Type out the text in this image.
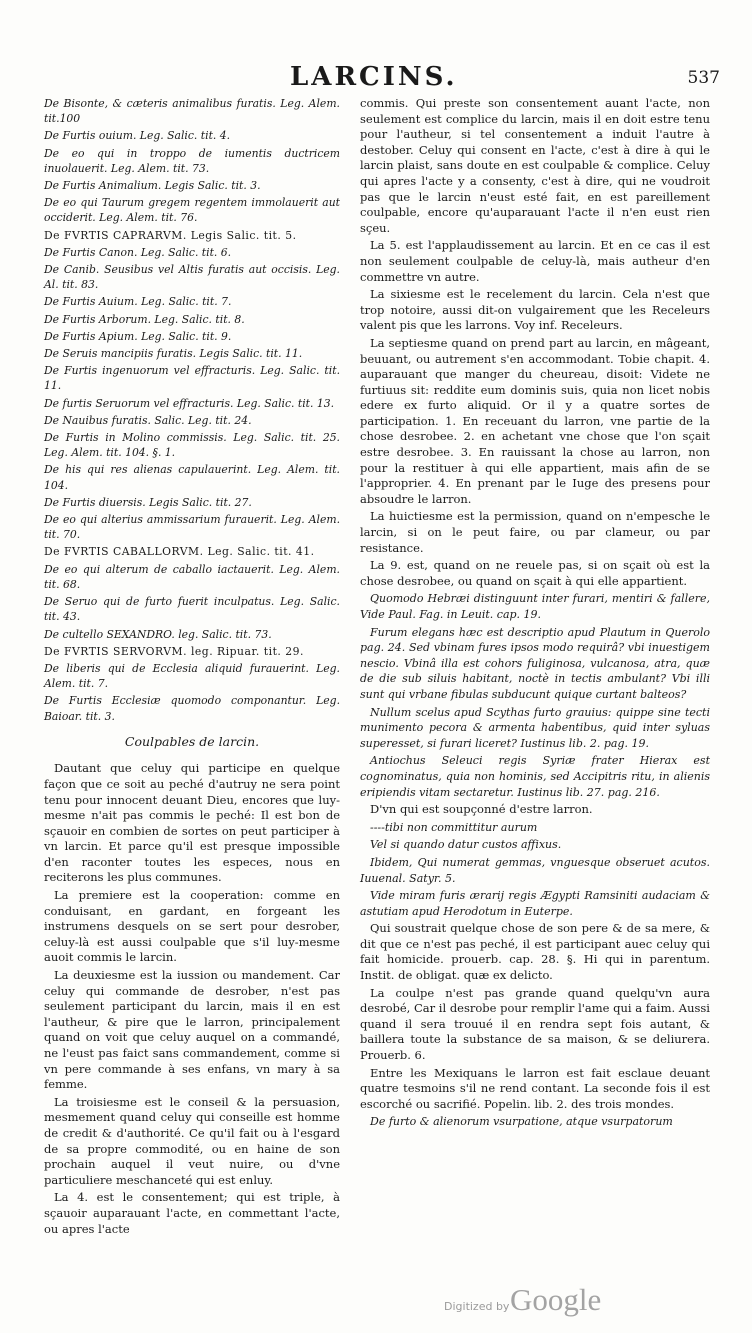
LARCINS.	537
De Bisonte, & cæteris animalibus furatis. Leg. Alem. tit.100
De Furtis ouium. Leg. Salic. tit. 4.
De eo qui in troppo de iumentis ductricem inuolauerit. Leg. Alem. tit. 73.
De Furtis Animalium. Legis Salic. tit. 3.
De eo qui Taurum gregem regentem immolauerit aut occiderit. Leg. Alem. tit. 76.
De FVRTIS CAPRARVM. Legis Salic. tit. 5.
De Furtis Canon. Leg. Salic. tit. 6.
De Canib. Seusibus vel Altis furatis aut occisis. Leg. Al. tit. 83.
De Furtis Auium. Leg. Salic. tit. 7.
De Furtis Arborum. Leg. Salic. tit. 8.
De Furtis Apium. Leg. Salic. tit. 9.
De Seruis mancipiis furatis. Legis Salic. tit. 11.
De Furtis ingenuorum vel effracturis. Leg. Salic. tit. 11.
De furtis Seruorum vel effracturis. Leg. Salic. tit. 13.
De Nauibus furatis. Salic. Leg. tit. 24.
De Furtis in Molino commissis. Leg. Salic. tit. 25. Leg. Alem. tit. 104. §. 1.
De his qui res alienas capulauerint. Leg. Alem. tit. 104.
De Furtis diuersis. Legis Salic. tit. 27.
De eo qui alterius ammissarium furauerit. Leg. Alem. tit. 70.
De FVRTIS CABALLORVM. Leg. Salic. tit. 41.
De eo qui alterum de caballo iactauerit. Leg. Alem. tit. 68.
De Seruo qui de furto fuerit inculpatus. Leg. Salic. tit. 43.
De cultello SEXANDRO. leg. Salic. tit. 73.
De FVRTIS SERVORVM. leg. Ripuar. tit. 29.
De liberis qui de Ecclesia aliquid furauerint. Leg. Alem. tit. 7.
De Furtis Ecclesiæ quomodo componantur. Leg. Baioar. tit. 3.
Coulpables de larcin.

Dautant que celuy qui participe en quelque façon que ce soit au peché d'autruy ne sera point tenu pour innocent deuant Dieu, encores que luy-mesme n'ait pas commis le peché: Il est bon de sçauoir en combien de sortes on peut participer à vn larcin. Et parce qu'il est presque impossible d'en raconter toutes les especes, nous en reciterons les plus communes.

La premiere est la cooperation: comme en conduisant, en gardant, en forgeant les instrumens desquels on se sert pour desrober, celuy-là est aussi coulpable que s'il luy-mesme auoit commis le larcin.

La deuxiesme est la iussion ou mandement. Car celuy qui commande de desrober, n'est pas seulement participant du larcin, mais il en est l'autheur, & pire que le larron, principalement quand on voit que celuy auquel on a commandé, ne l'eust pas faict sans commandement, comme si vn pere commande à ses enfans, vn mary à sa femme.

La troisiesme est le conseil & la persuasion, mesmement quand celuy qui conseille est homme de credit & d'authorité. Ce qu'il fait ou à l'esgard de sa propre commodité, ou en haine de son prochain auquel il veut nuire, ou d'vne particuliere meschanceté qui est enluy.

La 4. est le consentement; qui est triple, à sçauoir auparauant l'acte, en commettant l'acte, ou apres l'acte

commis. Qui preste son consentement auant l'acte, non seulement est complice du larcin, mais il en doit estre tenu pour l'autheur, si tel consentement a induit l'autre à destober. Celuy qui consent en l'acte, c'est à dire à qui le larcin plaist, sans doute en est coulpable & complice. Celuy qui apres l'acte y a consenty, c'est à dire, qui ne voudroit pas que le larcin n'eust esté fait, en est pareillement coulpable, encore qu'auparauant l'acte il n'en eust rien sçeu.

La 5. est l'applaudissement au larcin. Et en ce cas il est non seulement coulpable de celuy-là, mais autheur d'en commettre vn autre.

La sixiesme est le recelement du larcin. Cela n'est que trop notoire, aussi dit-on vulgairement que les Receleurs valent pis que les larrons. Voy inf. Receleurs.

La septiesme quand on prend part au larcin, en mâgeant, beuuant, ou autrement s'en accommodant. Tobie chapit. 4. auparauant que manger du cheureau, disoit: Videte ne furtiuus sit: reddite eum dominis suis, quia non licet nobis edere ex furto aliquid. Or il y a quatre sortes de participation. 1. En receuant du larron, vne partie de la chose desrobee. 2. en achetant vne chose que l'on sçait estre desrobee. 3. En rauissant la chose au larron, non pour la restituer à qui elle appartient, mais afin de se l'approprier. 4. En prenant par le Iuge des presens pour absoudre le larron.

La huictiesme est la permission, quand on n'empesche le larcin, si on le peut faire, ou par clameur, ou par resistance.

La 9. est, quand on ne reuele pas, si on sçait où est la chose desrobee, ou quand on sçait à qui elle appartient.

Quomodo Hebræi distinguunt inter furari, mentiri & fallere, Vide Paul. Fag. in Leuit. cap. 19.

Furum elegans hæc est descriptio apud Plautum in Querolo pag. 24. Sed vbinam fures ipsos modo requirâ? vbi inuestigem nescio. Vbinâ illa est cohors fuliginosa, vulcanosa, atra, quæ de die sub siluis habitant, noctè in tectis ambulant? Vbi illi sunt qui vrbane fibulas subducunt quique curtant balteos?

Nullum scelus apud Scythas furto grauius: quippe sine tecti munimento pecora & armenta habentibus, quid inter syluas superesset, si furari liceret? Iustinus lib. 2. pag. 19.

Antiochus Seleuci regis Syriæ frater Hierax est cognominatus, quia non hominis, sed Accipitris ritu, in alienis eripiendis vitam sectaretur. Iustinus lib. 27. pag. 216.

D'vn qui est soupçonné d'estre larron.

----tibi non committitur aurum

Vel si quando datur custos affixus.

Ibidem, Qui numerat gemmas, vnguesque obseruet acutos. Iuuenal. Satyr. 5.

Vide miram furis ærarij regis Ægypti Ramsiniti audaciam & astutiam apud Herodotum in Euterpe.

Qui soustrait quelque chose de son pere & de sa mere, & dit que ce n'est pas peché, il est participant auec celuy qui fait homicide. prouerb. cap. 28. §. Hi qui in parentum. Instit. de obligat. quæ ex delicto.

La coulpe n'est pas grande quand quelqu'vn aura desrobé, Car il desrobe pour remplir l'ame qui a faim. Aussi quand il sera trouué il en rendra sept fois autant, & baillera toute la substance de sa maison, & se deliurera. Prouerb. 6.

Entre les Mexiquans le larron est fait esclaue deuant quatre tesmoins s'il ne rend contant. La seconde fois il est escorché ou sacrifié. Popelin. lib. 2. des trois mondes.

De furto & alienorum vsurpatione, atque vsurpatorum

Digitized by Google
